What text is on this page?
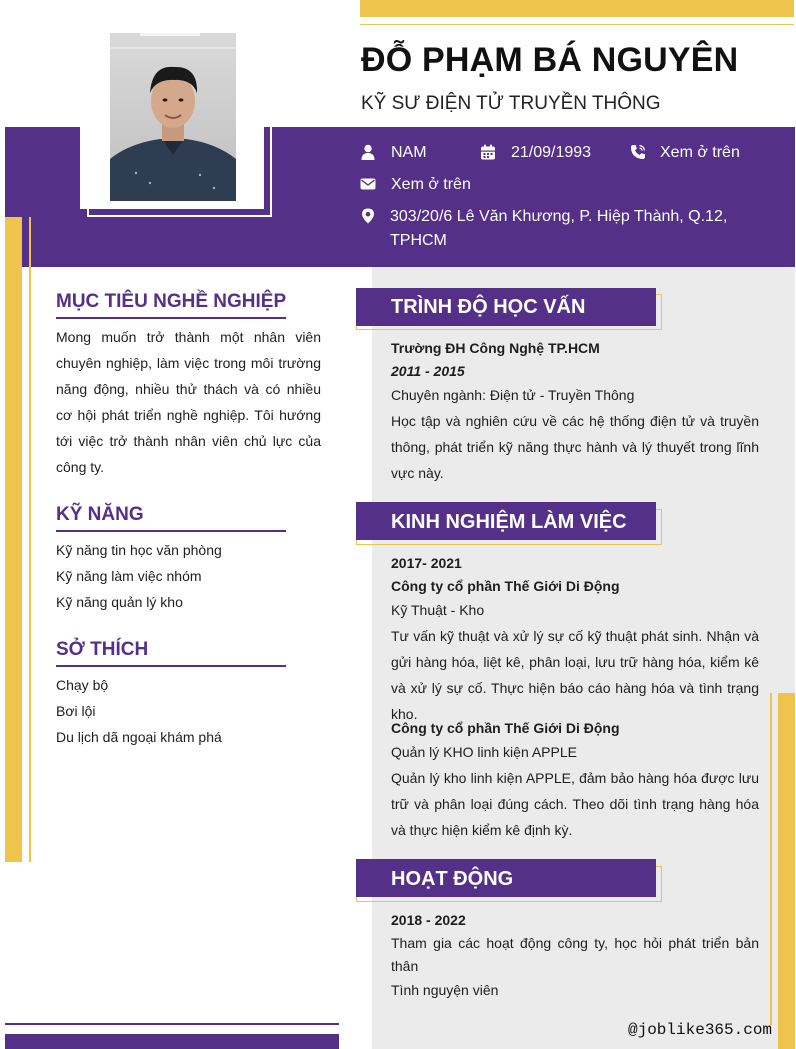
ĐỖ PHẠM BÁ NGUYÊN
KỸ SƯ ĐIỆN TỬ TRUYỀN THÔNG
NAM	21/09/1993	Xem ở trên
Xem ở trên
303/20/6 Lê Văn Khương, P. Hiệp Thành, Q.12,
TPHCM
MỤC TIÊU NGHỀ NGHIỆP
Mong muốn trở thành một nhân viên chuyên nghiệp, làm việc trong môi trường năng động, nhiều thử thách và có nhiều cơ hội phát triển nghề nghiệp. Tôi hướng tới việc trở thành nhân viên chủ lực của công ty.
KỸ NĂNG
Kỹ năng tin học văn phòng
Kỹ năng làm việc nhóm
Kỹ năng quản lý kho
SỞ THÍCH
Chạy bộ
Bơi lội
Du lịch dã ngoại khám phá
TRÌNH ĐỘ HỌC VẤN
Trường ĐH Công Nghệ TP.HCM
2011 - 2015
Chuyên ngành: Điện tử - Truyền Thông
Học tập và nghiên cứu về các hệ thống điện tử và truyền thông, phát triển kỹ năng thực hành và lý thuyết trong lĩnh vực này.
KINH NGHIỆM LÀM VIỆC
2017- 2021
Công ty cổ phần Thế Giới Di Động
Kỹ Thuật - Kho
Tư vấn kỹ thuật và xử lý sự cố kỹ thuật phát sinh. Nhận và gửi hàng hóa, liệt kê, phân loại, lưu trữ hàng hóa, kiểm kê và xử lý sự cố. Thực hiện báo cáo hàng hóa và tình trạng kho.
Công ty cổ phần Thế Giới Di Động
Quản lý KHO linh kiện APPLE
Quản lý kho linh kiện APPLE, đảm bảo hàng hóa được lưu trữ và phân loại đúng cách. Theo dõi tình trạng hàng hóa và thực hiện kiểm kê định kỳ.
HOẠT ĐỘNG
2018 - 2022
Tham gia các hoạt động công ty, học hỏi phát triển bản thân
Tình nguyện viên
@joblike365.com
